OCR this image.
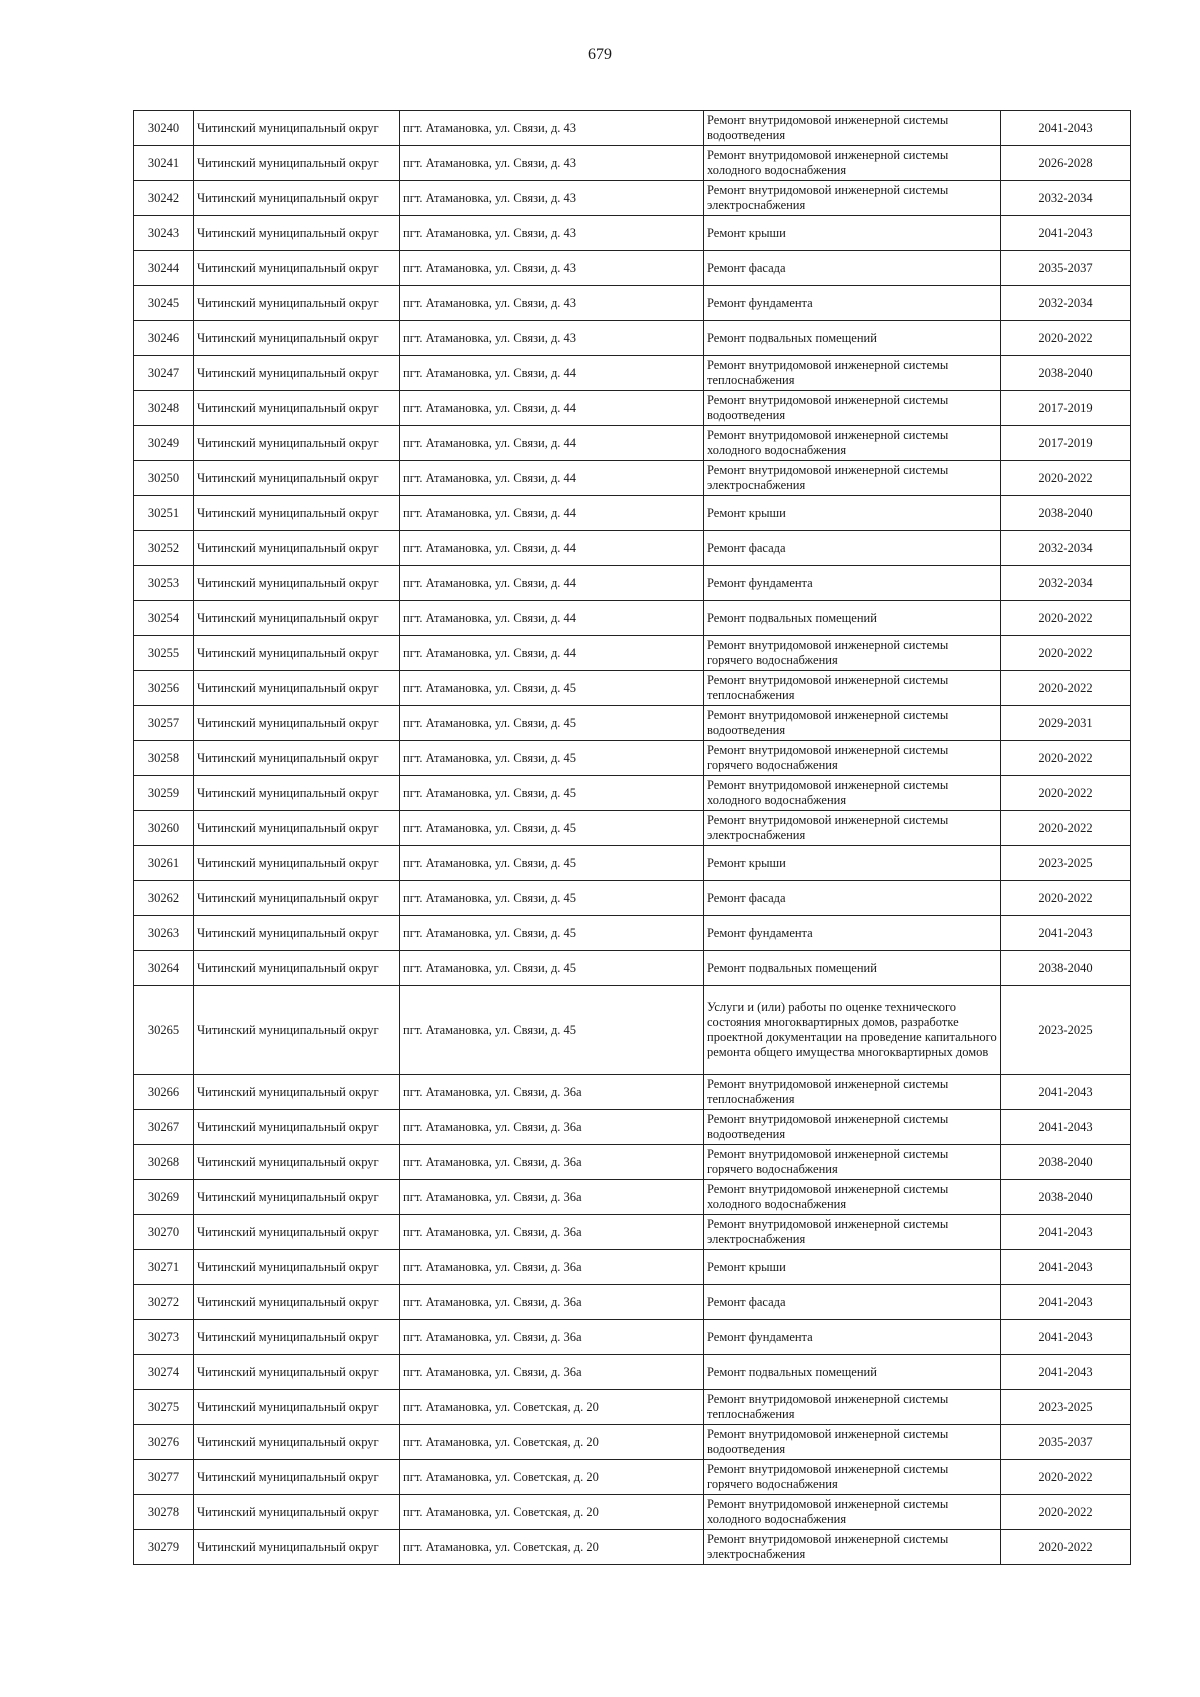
679
30240	Читинский муниципальный округ	пгт. Атамановка, ул. Связи, д. 43	Ремонт внутридомовой инженерной системы водоотведения	2041-2043
30241	Читинский муниципальный округ	пгт. Атамановка, ул. Связи, д. 43	Ремонт внутридомовой инженерной системы холодного водоснабжения	2026-2028
30242	Читинский муниципальный округ	пгт. Атамановка, ул. Связи, д. 43	Ремонт внутридомовой инженерной системы электроснабжения	2032-2034
30243	Читинский муниципальный округ	пгт. Атамановка, ул. Связи, д. 43	Ремонт крыши	2041-2043
30244	Читинский муниципальный округ	пгт. Атамановка, ул. Связи, д. 43	Ремонт фасада	2035-2037
30245	Читинский муниципальный округ	пгт. Атамановка, ул. Связи, д. 43	Ремонт фундамента	2032-2034
30246	Читинский муниципальный округ	пгт. Атамановка, ул. Связи, д. 43	Ремонт подвальных помещений	2020-2022
30247	Читинский муниципальный округ	пгт. Атамановка, ул. Связи, д. 44	Ремонт внутридомовой инженерной системы теплоснабжения	2038-2040
30248	Читинский муниципальный округ	пгт. Атамановка, ул. Связи, д. 44	Ремонт внутридомовой инженерной системы водоотведения	2017-2019
30249	Читинский муниципальный округ	пгт. Атамановка, ул. Связи, д. 44	Ремонт внутридомовой инженерной системы холодного водоснабжения	2017-2019
30250	Читинский муниципальный округ	пгт. Атамановка, ул. Связи, д. 44	Ремонт внутридомовой инженерной системы электроснабжения	2020-2022
30251	Читинский муниципальный округ	пгт. Атамановка, ул. Связи, д. 44	Ремонт крыши	2038-2040
30252	Читинский муниципальный округ	пгт. Атамановка, ул. Связи, д. 44	Ремонт фасада	2032-2034
30253	Читинский муниципальный округ	пгт. Атамановка, ул. Связи, д. 44	Ремонт фундамента	2032-2034
30254	Читинский муниципальный округ	пгт. Атамановка, ул. Связи, д. 44	Ремонт подвальных помещений	2020-2022
30255	Читинский муниципальный округ	пгт. Атамановка, ул. Связи, д. 44	Ремонт внутридомовой инженерной системы горячего водоснабжения	2020-2022
30256	Читинский муниципальный округ	пгт. Атамановка, ул. Связи, д. 45	Ремонт внутридомовой инженерной системы теплоснабжения	2020-2022
30257	Читинский муниципальный округ	пгт. Атамановка, ул. Связи, д. 45	Ремонт внутридомовой инженерной системы водоотведения	2029-2031
30258	Читинский муниципальный округ	пгт. Атамановка, ул. Связи, д. 45	Ремонт внутридомовой инженерной системы горячего водоснабжения	2020-2022
30259	Читинский муниципальный округ	пгт. Атамановка, ул. Связи, д. 45	Ремонт внутридомовой инженерной системы холодного водоснабжения	2020-2022
30260	Читинский муниципальный округ	пгт. Атамановка, ул. Связи, д. 45	Ремонт внутридомовой инженерной системы электроснабжения	2020-2022
30261	Читинский муниципальный округ	пгт. Атамановка, ул. Связи, д. 45	Ремонт крыши	2023-2025
30262	Читинский муниципальный округ	пгт. Атамановка, ул. Связи, д. 45	Ремонт фасада	2020-2022
30263	Читинский муниципальный округ	пгт. Атамановка, ул. Связи, д. 45	Ремонт фундамента	2041-2043
30264	Читинский муниципальный округ	пгт. Атамановка, ул. Связи, д. 45	Ремонт подвальных помещений	2038-2040
30265	Читинский муниципальный округ	пгт. Атамановка, ул. Связи, д. 45	Услуги и (или) работы по оценке технического состояния многоквартирных домов, разработке проектной документации на проведение капитального ремонта общего имущества многоквартирных домов	2023-2025
30266	Читинский муниципальный округ	пгт. Атамановка, ул. Связи, д. 36а	Ремонт внутридомовой инженерной системы теплоснабжения	2041-2043
30267	Читинский муниципальный округ	пгт. Атамановка, ул. Связи, д. 36а	Ремонт внутридомовой инженерной системы водоотведения	2041-2043
30268	Читинский муниципальный округ	пгт. Атамановка, ул. Связи, д. 36а	Ремонт внутридомовой инженерной системы горячего водоснабжения	2038-2040
30269	Читинский муниципальный округ	пгт. Атамановка, ул. Связи, д. 36а	Ремонт внутридомовой инженерной системы холодного водоснабжения	2038-2040
30270	Читинский муниципальный округ	пгт. Атамановка, ул. Связи, д. 36а	Ремонт внутридомовой инженерной системы электроснабжения	2041-2043
30271	Читинский муниципальный округ	пгт. Атамановка, ул. Связи, д. 36а	Ремонт крыши	2041-2043
30272	Читинский муниципальный округ	пгт. Атамановка, ул. Связи, д. 36а	Ремонт фасада	2041-2043
30273	Читинский муниципальный округ	пгт. Атамановка, ул. Связи, д. 36а	Ремонт фундамента	2041-2043
30274	Читинский муниципальный округ	пгт. Атамановка, ул. Связи, д. 36а	Ремонт подвальных помещений	2041-2043
30275	Читинский муниципальный округ	пгт. Атамановка, ул. Советская, д. 20	Ремонт внутридомовой инженерной системы теплоснабжения	2023-2025
30276	Читинский муниципальный округ	пгт. Атамановка, ул. Советская, д. 20	Ремонт внутридомовой инженерной системы водоотведения	2035-2037
30277	Читинский муниципальный округ	пгт. Атамановка, ул. Советская, д. 20	Ремонт внутридомовой инженерной системы горячего водоснабжения	2020-2022
30278	Читинский муниципальный округ	пгт. Атамановка, ул. Советская, д. 20	Ремонт внутридомовой инженерной системы холодного водоснабжения	2020-2022
30279	Читинский муниципальный округ	пгт. Атамановка, ул. Советская, д. 20	Ремонт внутридомовой инженерной системы электроснабжения	2020-2022
